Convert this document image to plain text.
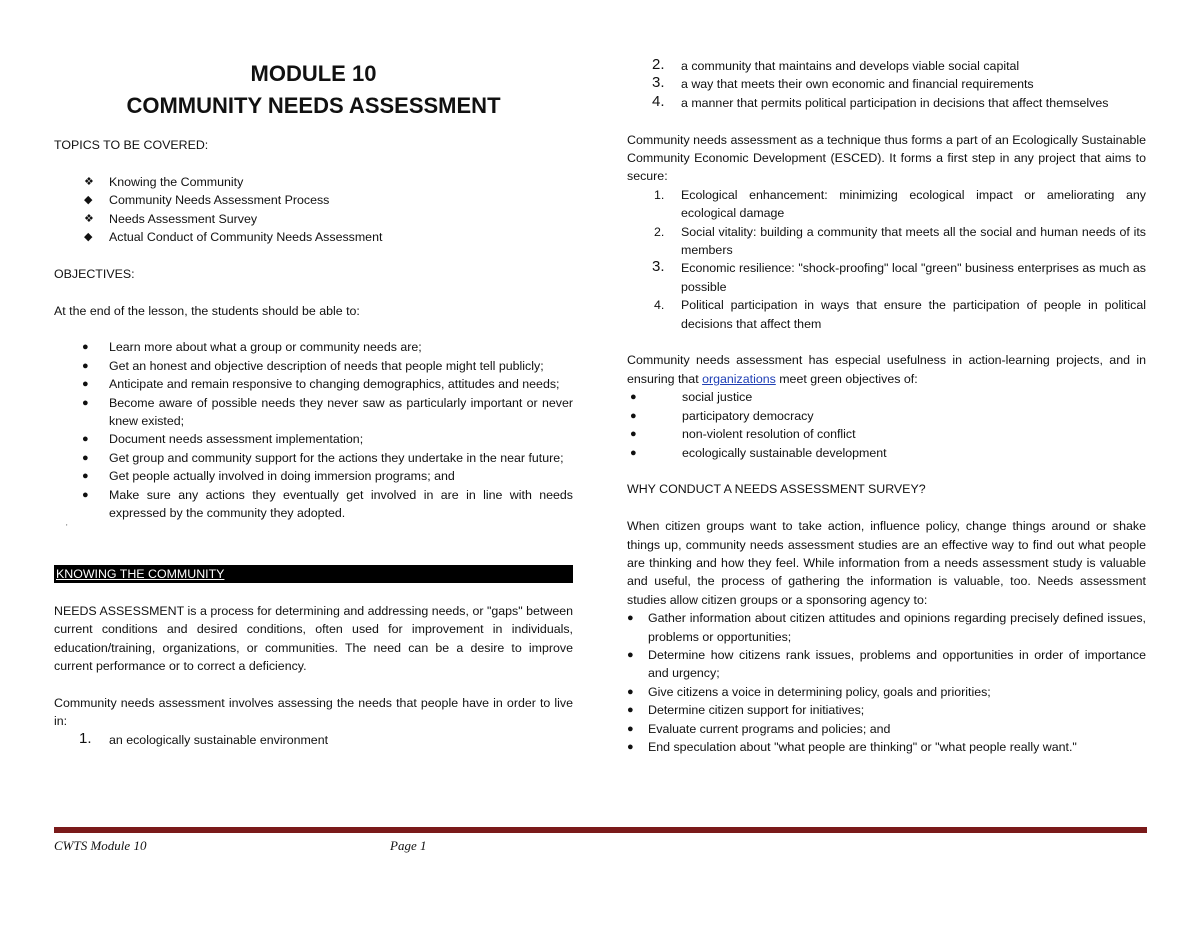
MODULE 10

COMMUNITY NEEDS ASSESSMENT

TOPICS TO BE COVERED:

❖ Knowing the Community
◆ Community Needs Assessment Process
❖ Needs Assessment Survey
◆ Actual Conduct of Community Needs Assessment

OBJECTIVES:

At the end of the lesson, the students should be able to:

● Learn more about what a group or community needs are;
● Get an honest and objective description of needs that people might tell publicly;
● Anticipate and remain responsive to changing demographics, attitudes and needs;
● Become aware of possible needs they never saw as particularly important or never knew existed;
● Document needs assessment implementation;
● Get group and community support for the actions they undertake in the near future;
● Get people actually involved in doing immersion programs; and
● Make sure any actions they eventually get involved in are in line with needs expressed by the community they adopted.
'
KNOWING THE COMMUNITY

NEEDS ASSESSMENT is a process for determining and addressing needs, or "gaps" between current conditions and desired conditions, often used for improvement in individuals, education/training, organizations, or communities. The need can be a desire to improve current performance or to correct a deficiency.

Community needs assessment involves assessing the needs that people have in order to live in:

1. an ecologically sustainable environment
2. a community that maintains and develops viable social capital
3. a way that meets their own economic and financial requirements
4. a manner that permits political participation in decisions that affect themselves

Community needs assessment as a technique thus forms a part of an Ecologically Sustainable Community Economic Development (ESCED). It forms a first step in any project that aims to secure:

1. Ecological enhancement: minimizing ecological impact or ameliorating any ecological damage
2. Social vitality: building a community that meets all the social and human needs of its members
3. Economic resilience: "shock-proofing" local "green" business enterprises as much as possible
4. Political participation in ways that ensure the participation of people in political decisions that affect them

Community needs assessment has especial usefulness in action-learning projects, and in ensuring that organizations meet green objectives of:

●	social justice
●	participatory democracy
●	non-violent resolution of conflict
●	ecologically sustainable development

WHY CONDUCT A NEEDS ASSESSMENT SURVEY?

When citizen groups want to take action, influence policy, change things around or shake things up, community needs assessment studies are an effective way to find out what people are thinking and how they feel. While information from a needs assessment study is valuable and useful, the process of gathering the information is valuable, too. Needs assessment studies allow citizen groups or a sponsoring agency to:

● Gather information about citizen attitudes and opinions regarding precisely defined issues, problems or opportunities;
● Determine how citizens rank issues, problems and opportunities in order of importance and urgency;
● Give citizens a voice in determining policy, goals and priorities;
● Determine citizen support for initiatives;
● Evaluate current programs and policies; and
● End speculation about "what people are thinking" or "what people really want."
CWTS Module 10	Page 1
